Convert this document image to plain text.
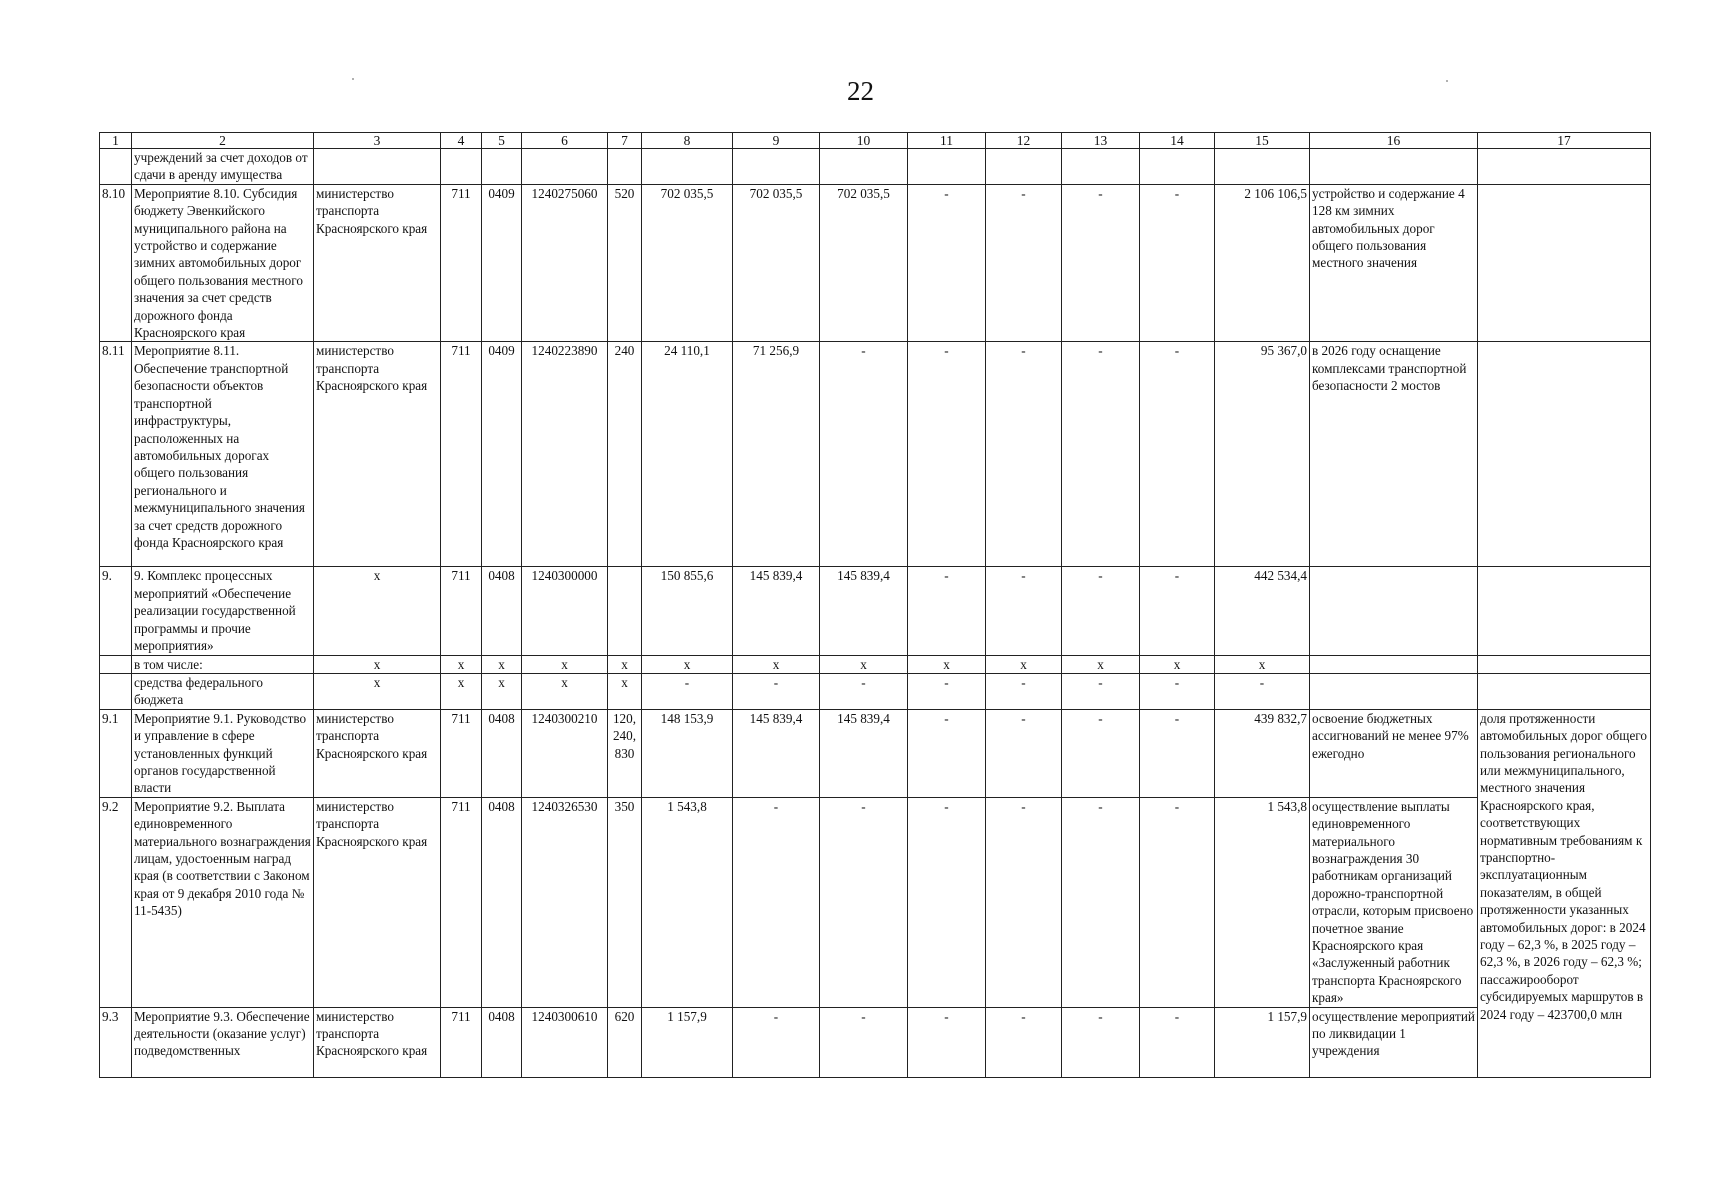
22
1	2	3	4	5	6	7	8	9	10	11	12	13	14	15	16	17
	учреждений за счет доходов от сдачи в аренду имущества															
8.10	Мероприятие 8.10. Субсидия бюджету Эвенкийского муниципального района на устройство и содержание зимних автомобильных дорог общего пользования местного значения за счет средств дорожного фонда Красноярского края	министерство транспорта Красноярского края	711	0409	1240275060	520	702 035,5	702 035,5	702 035,5	-	-	-	-	2 106 106,5	устройство и содержание 4 128 км зимних автомобильных дорог общего пользования местного значения	
8.11	Мероприятие 8.11. Обеспечение транспортной безопасности объектов транспортной инфраструктуры, расположенных на автомобильных дорогах общего пользования регионального и межмуниципального значения за счет средств дорожного фонда Красноярского края	министерство транспорта Красноярского края	711	0409	1240223890	240	24 110,1	71 256,9	-	-	-	-	-	95 367,0	в 2026 году оснащение комплексами транспортной безопасности 2 мостов	
9.	9. Комплекс процессных мероприятий «Обеспечение реализации государственной программы и прочие мероприятия»	х	711	0408	1240300000		150 855,6	145 839,4	145 839,4	-	-	-	-	442 534,4		
	в том числе:	х	х	х	х	х	х	х	х	х	х	х	х	х		
	средства федерального бюджета	х	х	х	х	х	-	-	-	-	-	-	-	-		
9.1	Мероприятие 9.1. Руководство и управление в сфере установленных функций органов государственной власти	министерство транспорта Красноярского края	711	0408	1240300210	120, 240, 830	148 153,9	145 839,4	145 839,4	-	-	-	-	439 832,7	освоение бюджетных ассигнований не менее 97% ежегодно	доля протяженности автомобильных дорог общего пользования регионального или межмуниципального, местного значения Красноярского края, соответствующих нормативным требованиям к транспортно-эксплуатационным показателям, в общей протяженности указанных автомобильных дорог: в 2024 году – 62,3 %, в 2025 году – 62,3 %, в 2026 году – 62,3 %; пассажирооборот субсидируемых маршрутов в 2024 году – 423700,0 млн
9.2	Мероприятие 9.2. Выплата единовременного материального вознаграждения лицам, удостоенным наград края (в соответствии с Законом края от 9 декабря 2010 года № 11-5435)	министерство транспорта Красноярского края	711	0408	1240326530	350	1 543,8	-	-	-	-	-	-	1 543,8	осуществление выплаты единовременного материального вознаграждения 30 работникам организаций дорожно-транспортной отрасли, которым присвоено почетное звание Красноярского края «Заслуженный работник транспорта Красноярского края»	
9.3	Мероприятие 9.3. Обеспечение деятельности (оказание услуг) подведомственных	министерство транспорта Красноярского края	711	0408	1240300610	620	1 157,9	-	-	-	-	-	-	1 157,9	осуществление мероприятий по ликвидации 1 учреждения	
